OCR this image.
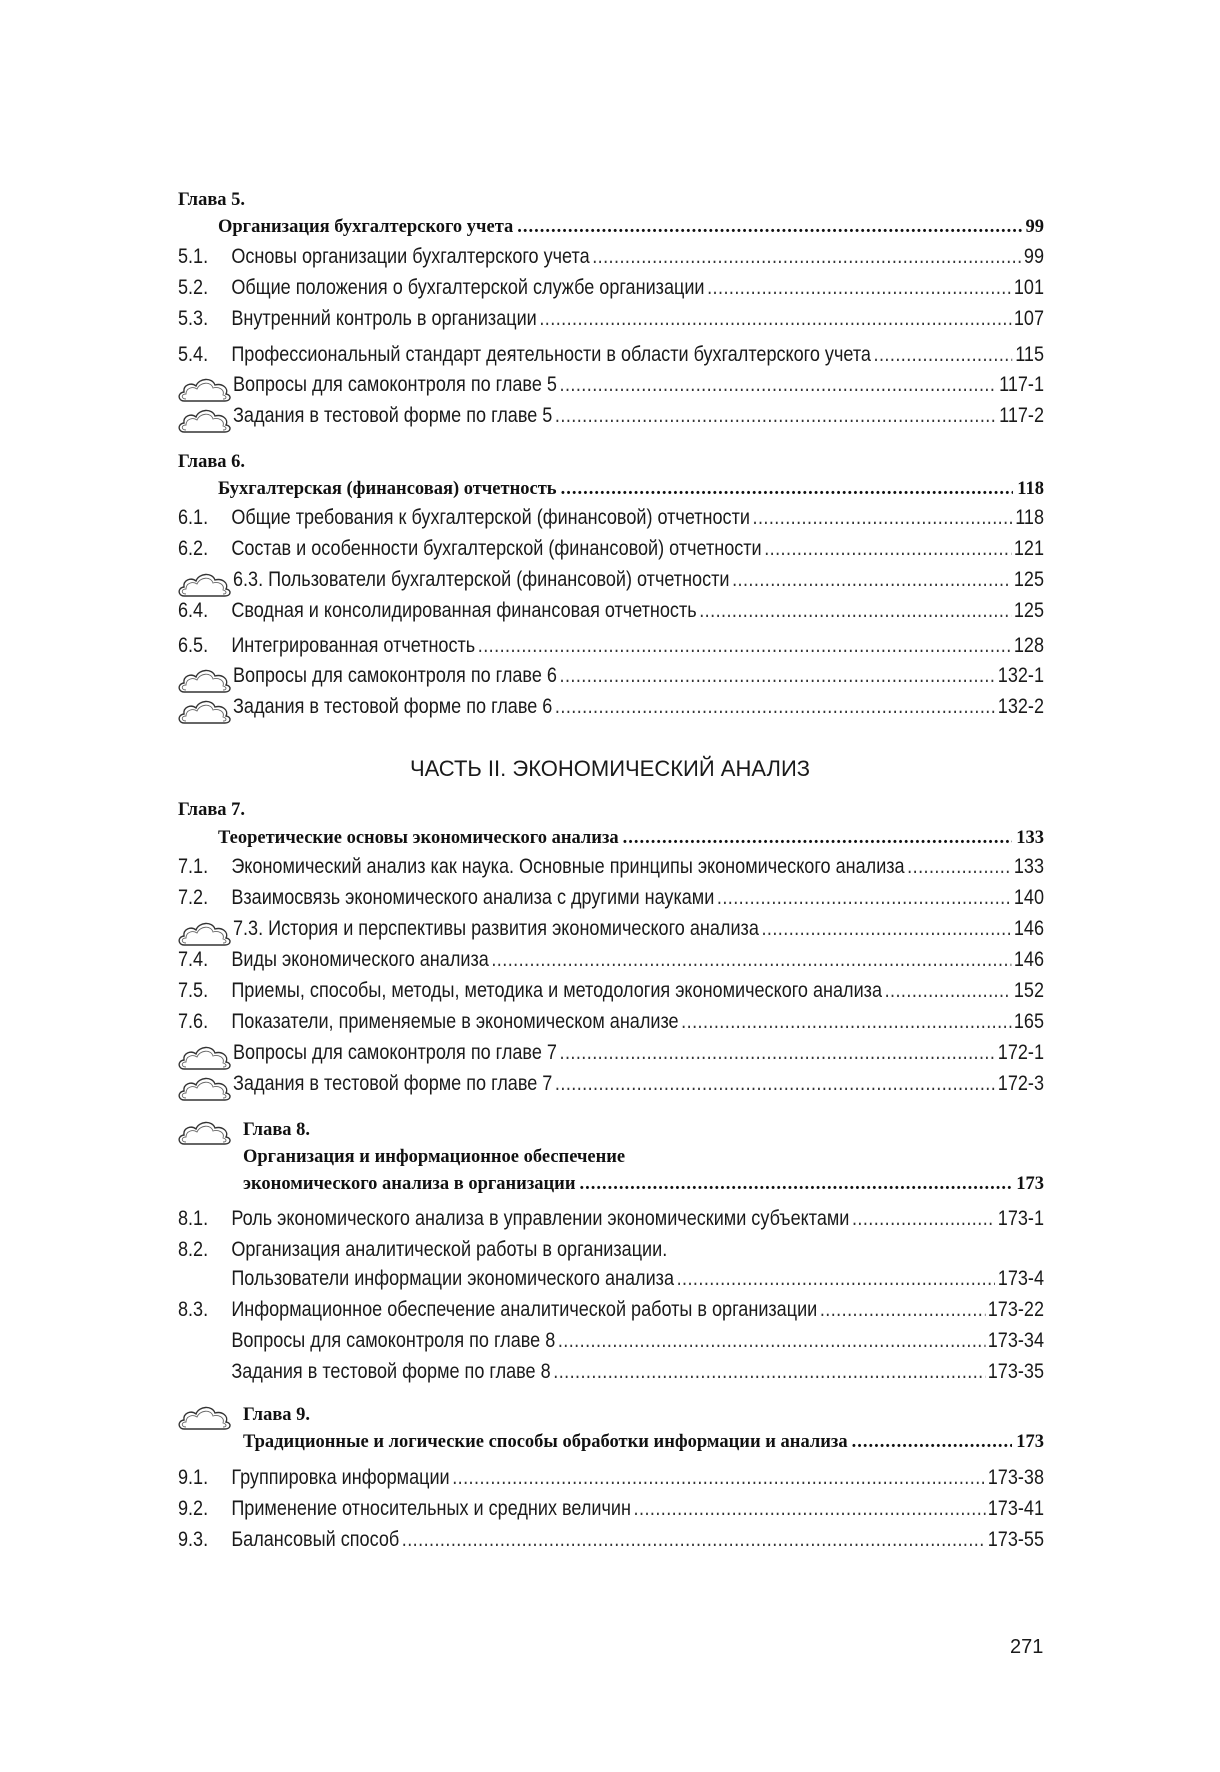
Глава 5.
Организация бухгалтерского учета .....	99
5.1.	Основы организации бухгалтерского учета .....	99
5.2.	Общие положения о бухгалтерской службе организации .....	101
5.3.	Внутренний контроль в организации .....	107
5.4.	Профессиональный стандарт деятельности в области бухгалтерского учета .....	115
Вопросы для самоконтроля по главе 5 .....	117-1
Задания в тестовой форме по главе 5 .....	117-2
Глава 6.
Бухгалтерская (финансовая) отчетность .....	118
6.1.	Общие требования к бухгалтерской (финансовой) отчетности .....	118
6.2.	Состав и особенности бухгалтерской (финансовой) отчетности .....	121
6.3. Пользователи бухгалтерской (финансовой) отчетности .....	125
6.4.	Сводная и консолидированная финансовая отчетность .....	125
6.5.	Интегрированная отчетность .....	128
Вопросы для самоконтроля по главе 6 .....	132-1
Задания в тестовой форме по главе 6 .....	132-2
ЧАСТЬ II. ЭКОНОМИЧЕСКИЙ АНАЛИЗ
Глава 7.
Теоретические основы экономического анализа .....	133
7.1.	Экономический анализ как наука. Основные принципы экономического анализа .....	133
7.2.	Взаимосвязь экономического анализа с другими науками .....	140
7.3. История и перспективы развития экономического анализа .....	146
7.4.	Виды экономического анализа .....	146
7.5.	Приемы, способы, методы, методика и методология экономического анализа .....	152
7.6.	Показатели, применяемые в экономическом анализе .....	165
Вопросы для самоконтроля по главе 7 .....	172-1
Задания в тестовой форме по главе 7 .....	172-3
Глава 8.
Организация и информационное обеспечение
экономического анализа в организации .....	173
8.1.	Роль экономического анализа в управлении экономическими субъектами .....	173-1
8.2. Организация аналитической работы в организации.
Пользователи информации экономического анализа .....	173-4
8.3.	Информационное обеспечение аналитической работы в организации .....	173-22
Вопросы для самоконтроля по главе 8 .....	173-34
Задания в тестовой форме по главе 8 .....	173-35
Глава 9.
Традиционные и логические способы обработки информации и анализа .....	173
9.1.	Группировка информации .....	173-38
9.2.	Применение относительных и средних величин .....	173-41
9.3.	Балансовый способ .....	173-55
271
